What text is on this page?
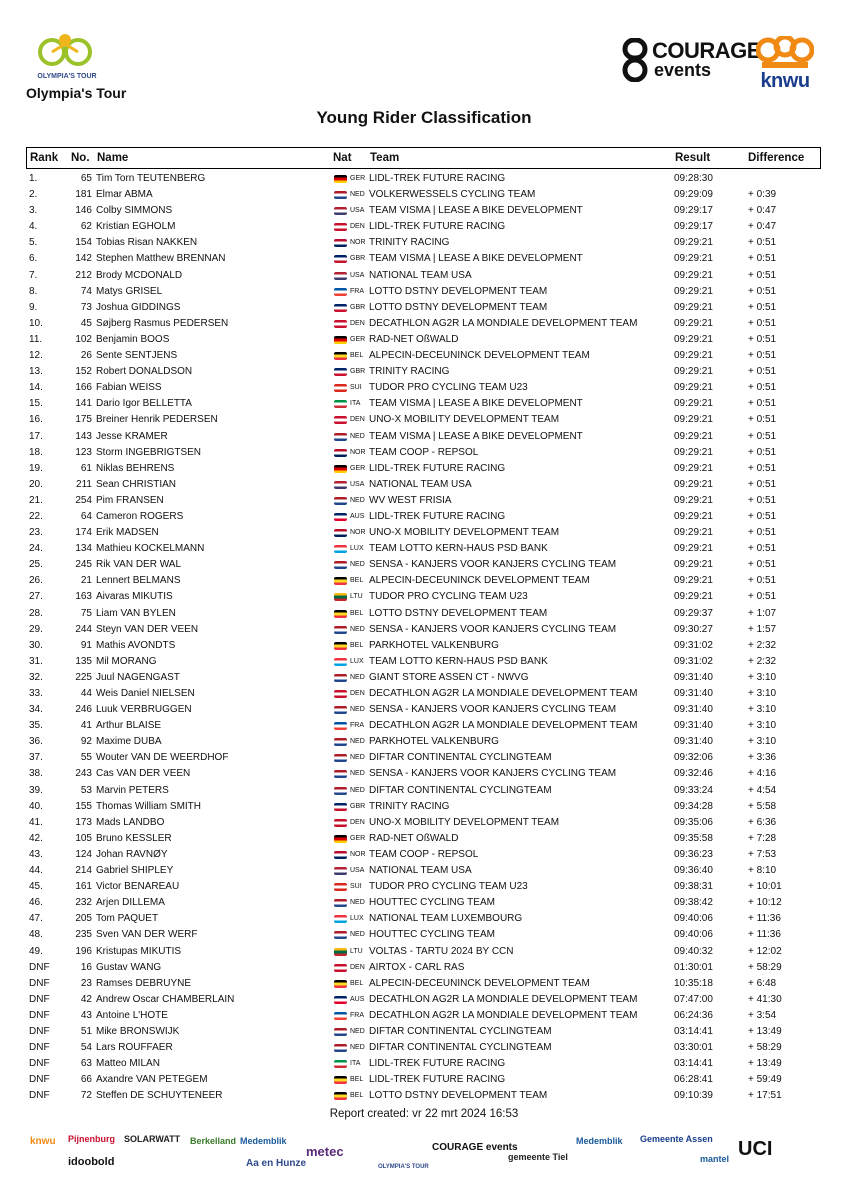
OLYMPIA'S TOUR
Olympia's Tour
COURAGE
events	knwu
Young Rider Classification
Rank No. Name	Nat Team	Result	Difference
1.	65 Tim Torn TEUTENBERG	GER LIDL-TREK FUTURE RACING	09:28:30
2.	181 Elmar ABMA	NED VOLKERWESSELS CYCLING TEAM	09:29:09	+ 0:39
3.	146 Colby SIMMONS	USA TEAM VISMA | LEASE A BIKE DEVELOPMENT	09:29:17	+ 0:47
4.	62 Kristian EGHOLM	DEN LIDL-TREK FUTURE RACING	09:29:17	+ 0:47
5.	154 Tobias Risan NAKKEN	NOR TRINITY RACING	09:29:21	+ 0:51
6.	142 Stephen Matthew BRENNAN	GBR TEAM VISMA | LEASE A BIKE DEVELOPMENT	09:29:21	+ 0:51
7.	212 Brody MCDONALD	USA NATIONAL TEAM USA	09:29:21	+ 0:51
8.	74 Matys GRISEL	FRA LOTTO DSTNY DEVELOPMENT TEAM	09:29:21	+ 0:51
9.	73 Joshua GIDDINGS	GBR LOTTO DSTNY DEVELOPMENT TEAM	09:29:21	+ 0:51
10.	45 Søjberg Rasmus PEDERSEN	DEN DECATHLON AG2R LA MONDIALE DEVELOPMENT TEAM	09:29:21	+ 0:51
11.	102 Benjamin BOOS	GER RAD-NET OßWALD	09:29:21	+ 0:51
12.	26 Sente SENTJENS	BEL ALPECIN-DECEUNINCK DEVELOPMENT TEAM	09:29:21	+ 0:51
13.	152 Robert DONALDSON	GBR TRINITY RACING	09:29:21	+ 0:51
14.	166 Fabian WEISS	SUI TUDOR PRO CYCLING TEAM U23	09:29:21	+ 0:51
15.	141 Dario Igor BELLETTA	ITA TEAM VISMA | LEASE A BIKE DEVELOPMENT	09:29:21	+ 0:51
16.	175 Breiner Henrik PEDERSEN	DEN UNO-X MOBILITY DEVELOPMENT TEAM	09:29:21	+ 0:51
17.	143 Jesse KRAMER	NED TEAM VISMA | LEASE A BIKE DEVELOPMENT	09:29:21	+ 0:51
18.	123 Storm INGEBRIGTSEN	NOR TEAM COOP - REPSOL	09:29:21	+ 0:51
19.	61 Niklas BEHRENS	GER LIDL-TREK FUTURE RACING	09:29:21	+ 0:51
20.	211 Sean CHRISTIAN	USA NATIONAL TEAM USA	09:29:21	+ 0:51
21.	254 Pim FRANSEN	NED WV WEST FRISIA	09:29:21	+ 0:51
22.	64 Cameron ROGERS	AUS LIDL-TREK FUTURE RACING	09:29:21	+ 0:51
23.	174 Erik MADSEN	NOR UNO-X MOBILITY DEVELOPMENT TEAM	09:29:21	+ 0:51
24.	134 Mathieu KOCKELMANN	LUX TEAM LOTTO KERN-HAUS PSD BANK	09:29:21	+ 0:51
25.	245 Rik VAN DER WAL	NED SENSA - KANJERS VOOR KANJERS CYCLING TEAM	09:29:21	+ 0:51
26.	21 Lennert BELMANS	BEL ALPECIN-DECEUNINCK DEVELOPMENT TEAM	09:29:21	+ 0:51
27.	163 Aivaras MIKUTIS	LTU TUDOR PRO CYCLING TEAM U23	09:29:21	+ 0:51
28.	75 Liam VAN BYLEN	BEL LOTTO DSTNY DEVELOPMENT TEAM	09:29:37	+ 1:07
29.	244 Steyn VAN DER VEEN	NED SENSA - KANJERS VOOR KANJERS CYCLING TEAM	09:30:27	+ 1:57
30.	91 Mathis AVONDTS	BEL PARKHOTEL VALKENBURG	09:31:02	+ 2:32
31.	135 Mil MORANG	LUX TEAM LOTTO KERN-HAUS PSD BANK	09:31:02	+ 2:32
32.	225 Juul NAGENGAST	NED GIANT STORE ASSEN CT - NWVG	09:31:40	+ 3:10
33.	44 Weis Daniel NIELSEN	DEN DECATHLON AG2R LA MONDIALE DEVELOPMENT TEAM	09:31:40	+ 3:10
34.	246 Luuk VERBRUGGEN	NED SENSA - KANJERS VOOR KANJERS CYCLING TEAM	09:31:40	+ 3:10
35.	41 Arthur BLAISE	FRA DECATHLON AG2R LA MONDIALE DEVELOPMENT TEAM	09:31:40	+ 3:10
36.	92 Maxime DUBA	NED PARKHOTEL VALKENBURG	09:31:40	+ 3:10
37.	55 Wouter VAN DE WEERDHOF	NED DIFTAR CONTINENTAL CYCLINGTEAM	09:32:06	+ 3:36
38.	243 Cas VAN DER VEEN	NED SENSA - KANJERS VOOR KANJERS CYCLING TEAM	09:32:46	+ 4:16
39.	53 Marvin PETERS	NED DIFTAR CONTINENTAL CYCLINGTEAM	09:33:24	+ 4:54
40.	155 Thomas William SMITH	GBR TRINITY RACING	09:34:28	+ 5:58
41.	173 Mads LANDBO	DEN UNO-X MOBILITY DEVELOPMENT TEAM	09:35:06	+ 6:36
42.	105 Bruno KESSLER	GER RAD-NET OßWALD	09:35:58	+ 7:28
43.	124 Johan RAVNØY	NOR TEAM COOP - REPSOL	09:36:23	+ 7:53
44.	214 Gabriel SHIPLEY	USA NATIONAL TEAM USA	09:36:40	+ 8:10
45.	161 Victor BENAREAU	SUI TUDOR PRO CYCLING TEAM U23	09:38:31	+ 10:01
46.	232 Arjen DILLEMA	NED HOUTTEC CYCLING TEAM	09:38:42	+ 10:12
47.	205 Tom PAQUET	LUX NATIONAL TEAM LUXEMBOURG	09:40:06	+ 11:36
48.	235 Sven VAN DER WERF	NED HOUTTEC CYCLING TEAM	09:40:06	+ 11:36
49.	196 Kristupas MIKUTIS	LTU VOLTAS - TARTU 2024 BY CCN	09:40:32	+ 12:02
DNF	16 Gustav WANG	DEN AIRTOX - CARL RAS	01:30:01	+ 58:29
DNF	23 Ramses DEBRUYNE	BEL ALPECIN-DECEUNINCK DEVELOPMENT TEAM	10:35:18	+ 6:48
DNF	42 Andrew Oscar CHAMBERLAIN	AUS DECATHLON AG2R LA MONDIALE DEVELOPMENT TEAM	07:47:00	+ 41:30
DNF	43 Antoine L'HOTE	FRA DECATHLON AG2R LA MONDIALE DEVELOPMENT TEAM	06:24:36	+ 3:54
DNF	51 Mike BRONSWIJK	NED DIFTAR CONTINENTAL CYCLINGTEAM	03:14:41	+ 13:49
DNF	54 Lars ROUFFAER	NED DIFTAR CONTINENTAL CYCLINGTEAM	03:30:01	+ 58:29
DNF	63 Matteo MILAN	ITA LIDL-TREK FUTURE RACING	03:14:41	+ 13:49
DNF	66 Axandre VAN PETEGEM	BEL LIDL-TREK FUTURE RACING	06:28:41	+ 59:49
DNF	72 Steffen DE SCHUYTENEER	BEL LOTTO DSTNY DEVELOPMENT TEAM	09:10:39	+ 17:51
Report created: vr 22 mrt 2024 16:53
knwu Pijnenburg SOLARWATT
idoobold
Berkelland Medemblik
Aa en Hunze
metec
OLYMPIA'S TOUR
COURAGE events
gemeente Tiel
Medemblik Gemeente Assen
mantel UCI
